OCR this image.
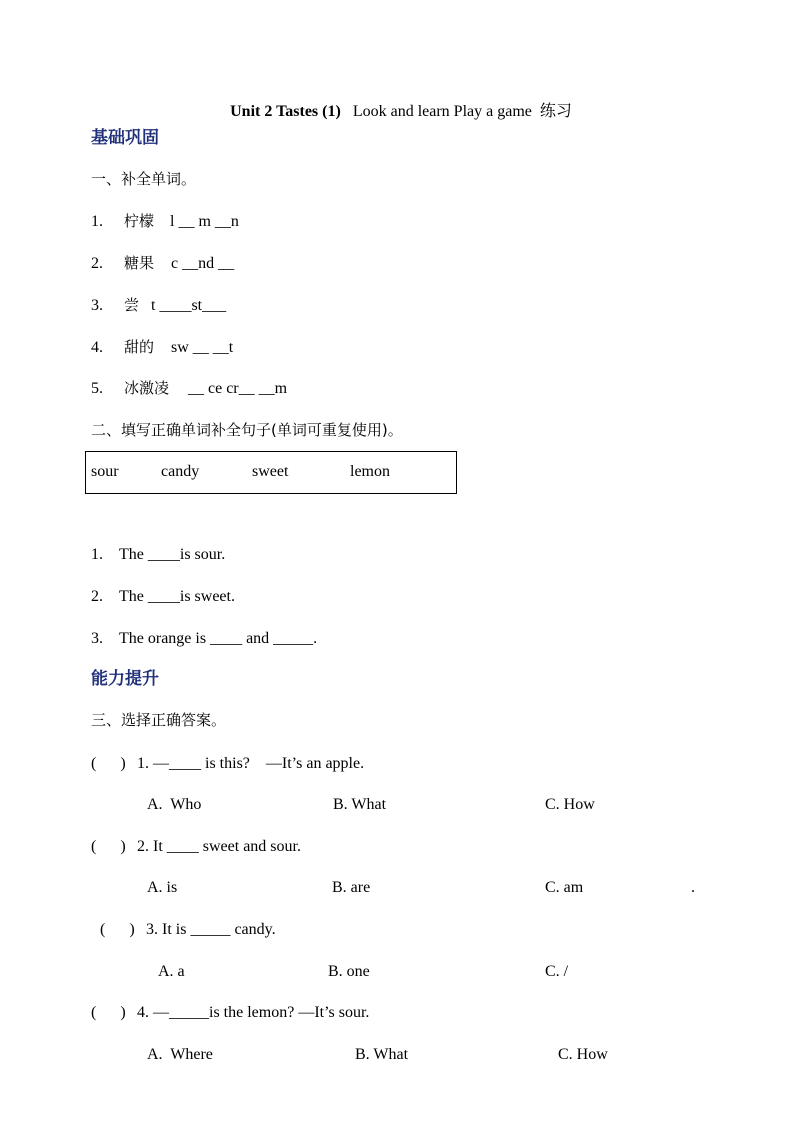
Unit 2 Tastes (1) Look and learn Play a game  练习

基础巩固
一、补全单词。
1. 柠檬 l __ m __n
2. 糖果 c __nd __
3. 尝 t ____st___
4. 甜的 sw __ __t
5. 冰激凌 __ ce cr__ __m
二、填写正确单词补全句子(单词可重复使用)。
sour	candy	sweet	lemon
1. The ____is sour.
2. The ____is sweet.
3. The orange is ____ and _____.
能力提升
三、选择正确答案。
(      ) 1. —____ is this?    —It’s an apple.
A.  Who	B. What	C. How
(      ) 2. It ____ sweet and sour.
A. is	B. are	C. am	.
(      ) 3. It is _____ candy.
A. a	B. one	C. /
(      ) 4. —_____is the lemon? —It’s sour.
A.  Where	B. What	C. How
